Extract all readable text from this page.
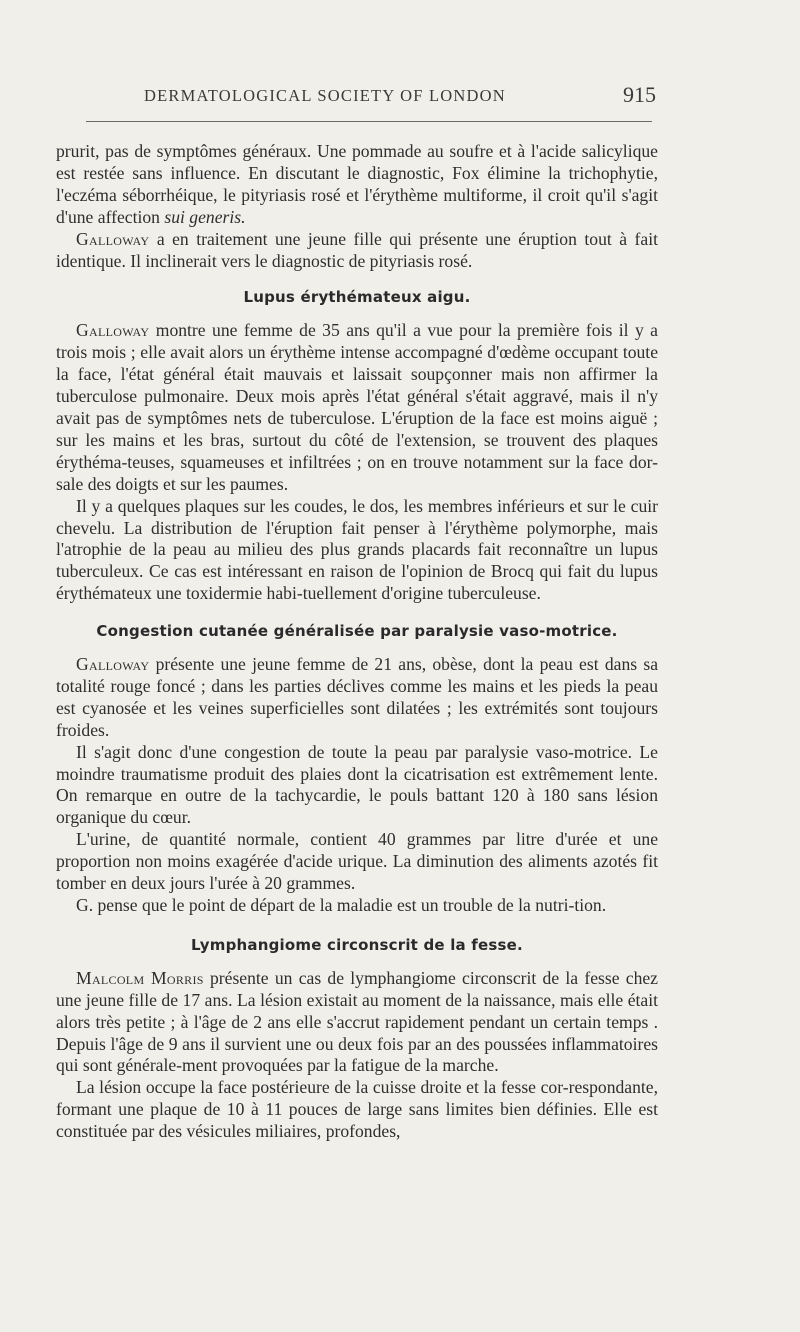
DERMATOLOGICAL SOCIETY OF LONDON	915

prurit, pas de symptômes généraux. Une pommade au soufre et à l'acide salicylique est restée sans influence. En discutant le diagnostic, Fox élimine la trichophytie, l'eczéma séborrhéique, le pityriasis rosé et l'érythème multiforme, il croit qu'il s'agit d'une affection sui generis.

Galloway a en traitement une jeune fille qui présente une éruption tout à fait identique. Il inclinerait vers le diagnostic de pityriasis rosé.

Lupus érythémateux aigu.

Galloway montre une femme de 35 ans qu'il a vue pour la première fois il y a trois mois ; elle avait alors un érythème intense accompagné d'œdème occupant toute la face, l'état général était mauvais et laissait soupçonner mais non affirmer la tuberculose pulmonaire. Deux mois après l'état général s'était aggravé, mais il n'y avait pas de symptômes nets de tuberculose. L'éruption de la face est moins aiguë ; sur les mains et les bras, surtout du côté de l'extension, se trouvent des plaques érythéma-teuses, squameuses et infiltrées ; on en trouve notamment sur la face dor-sale des doigts et sur les paumes.

Il y a quelques plaques sur les coudes, le dos, les membres inférieurs et sur le cuir chevelu. La distribution de l'éruption fait penser à l'érythème polymorphe, mais l'atrophie de la peau au milieu des plus grands placards fait reconnaître un lupus tuberculeux. Ce cas est intéressant en raison de l'opinion de Brocq qui fait du lupus érythémateux une toxidermie habi-tuellement d'origine tuberculeuse.

Congestion cutanée généralisée par paralysie vaso-motrice.

Galloway présente une jeune femme de 21 ans, obèse, dont la peau est dans sa totalité rouge foncé ; dans les parties déclives comme les mains et les pieds la peau est cyanosée et les veines superficielles sont dilatées ; les extrémités sont toujours froides.

Il s'agit donc d'une congestion de toute la peau par paralysie vaso-motrice. Le moindre traumatisme produit des plaies dont la cicatrisation est extrêmement lente. On remarque en outre de la tachycardie, le pouls battant 120 à 180 sans lésion organique du cœur.

L'urine, de quantité normale, contient 40 grammes par litre d'urée et une proportion non moins exagérée d'acide urique. La diminution des aliments azotés fit tomber en deux jours l'urée à 20 grammes.

G. pense que le point de départ de la maladie est un trouble de la nutri-tion.

Lymphangiome circonscrit de la fesse.

Malcolm Morris présente un cas de lymphangiome circonscrit de la fesse chez une jeune fille de 17 ans. La lésion existait au moment de la naissance, mais elle était alors très petite ; à l'âge de 2 ans elle s'accrut rapidement pendant un certain temps . Depuis l'âge de 9 ans il survient une ou deux fois par an des poussées inflammatoires qui sont générale-ment provoquées par la fatigue de la marche.

La lésion occupe la face postérieure de la cuisse droite et la fesse cor-respondante, formant une plaque de 10 à 11 pouces de large sans limites bien définies. Elle est constituée par des vésicules miliaires, profondes,
